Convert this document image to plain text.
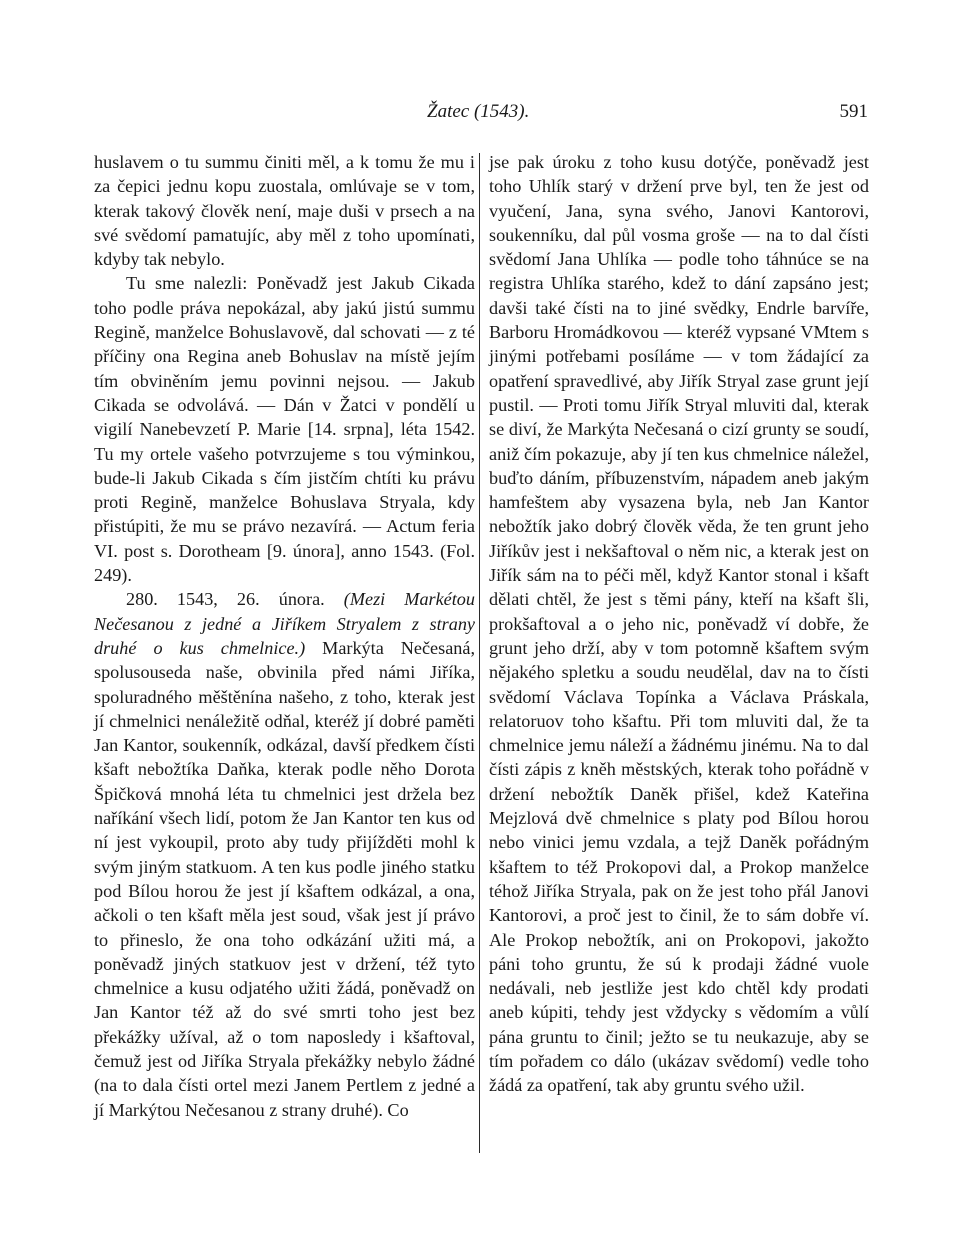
Žatec (1543).	591

huslavem o tu summu činiti měl, a k tomu že mu i za čepici jednu kopu zuostala, omlúvaje se v tom, kterak takový člověk není, maje duši v prsech a na své svědomí pamatujíc, aby měl z toho upomínati, kdyby tak nebylo.

Tu sme nalezli: Poněvadž jest Jakub Cikada toho podle práva nepokázal, aby jakú jistú summu Regině, manželce Bohuslavově, dal schovati — z té příčiny ona Regina aneb Bohuslav na místě jejím tím obviněním jemu povinni nejsou. — Jakub Cikada se odvolává. — Dán v Žatci v pondělí u vigilí Nanebevzetí P. Marie [14. srpna], léta 1542. Tu my ortele vašeho potvrzujeme s tou výminkou, bude-li Jakub Cikada s čím jistčím chtíti ku právu proti Regině, manželce Bohuslava Stryala, kdy přistúpiti, že mu se právo nezavírá. — Actum feria VI. post s. Dorotheam [9. února], anno 1543. (Fol. 249).

280. 1543, 26. února. (Mezi Markétou Nečesanou z jedné a Jiříkem Stryalem z strany druhé o kus chmelnice.) Markýta Nečesaná, spolusouseda naše, obvinila před námi Jiříka, spoluradného měštěnína našeho, z toho, kterak jest jí chmelnici nenáležitě odňal, kteréž jí dobré paměti Jan Kantor, soukenník, odkázal, davší předkem čísti kšaft nebožtíka Daňka, kterak podle něho Dorota Špičková mnohá léta tu chmelnici jest držela bez naříkání všech lidí, potom že Jan Kantor ten kus od ní jest vykoupil, proto aby tudy přijížděti mohl k svým jiným statkuom. A ten kus podle jiného statku pod Bílou horou že jest jí kšaftem odkázal, a ona, ačkoli o ten kšaft měla jest soud, však jest jí právo to přineslo, že ona toho odkázání užiti má, a poněvadž jiných statkuov jest v držení, též tyto chmelnice a kusu odjatého užiti žádá, poněvadž on Jan Kantor též až do své smrti toho jest bez překážky užíval, až o tom naposledy i kšaftoval, čemuž jest od Jiříka Stryala překážky nebylo žádné (na to dala čísti ortel mezi Janem Pertlem z jedné a jí Markýtou Nečesanou z strany druhé). Co

jse pak úroku z toho kusu dotýče, poněvadž jest toho Uhlík starý v držení prve byl, ten že jest od vyučení, Jana, syna svého, Janovi Kantorovi, soukenníku, dal půl vosma groše — na to dal čísti svědomí Jana Uhlíka — podle toho táhnúce se na registra Uhlíka starého, kdež to dání zapsáno jest; davši také čísti na to jiné svědky, Endrle barvíře, Barboru Hromádkovou — kteréž vypsané VMtem s jinými potřebami posíláme — v tom žádající za opatření spravedlivé, aby Jiřík Stryal zase grunt její pustil. — Proti tomu Jiřík Stryal mluviti dal, kterak se diví, že Markýta Nečesaná o cizí grunty se soudí, aniž čím pokazuje, aby jí ten kus chmelnice náležel, buďto dáním, příbuzenstvím, nápadem aneb jakým hamfeštem aby vysazena byla, neb Jan Kantor nebožtík jako dobrý člověk věda, že ten grunt jeho Jiříkův jest i nekšaftoval o něm nic, a kterak jest on Jiřík sám na to péči měl, když Kantor stonal i kšaft dělati chtěl, že jest s těmi pány, kteří na kšaft šli, prokšaftoval a o jeho nic, poněvadž ví dobře, že grunt jeho drží, aby v tom potomně kšaftem svým nějakého spletku a soudu neudělal, dav na to čísti svědomí Václava Topínka a Václava Práskala, relatoruov toho kšaftu. Při tom mluviti dal, že ta chmelnice jemu náleží a žádnému jinému. Na to dal čísti zápis z kněh městských, kterak toho pořádně v držení nebožtík Daněk přišel, kdež Kateřina Mejzlová dvě chmelnice s platy pod Bílou horou nebo vinici jemu vzdala, a tejž Daněk pořádným kšaftem to též Prokopovi dal, a Prokop manželce téhož Jiříka Stryala, pak on že jest toho přál Janovi Kantorovi, a proč jest to činil, že to sám dobře ví. Ale Prokop nebožtík, ani on Prokopovi, jakožto páni toho gruntu, že sú k prodaji žádné vuole nedávali, neb jestliže jest kdo chtěl kdy prodati aneb kúpiti, tehdy jest vždycky s vědomím a vůlí pána gruntu to činil; ježto se tu neukazuje, aby se tím pořadem co dálo (ukázav svědomí) vedle toho žádá za opatření, tak aby gruntu svého užil.
